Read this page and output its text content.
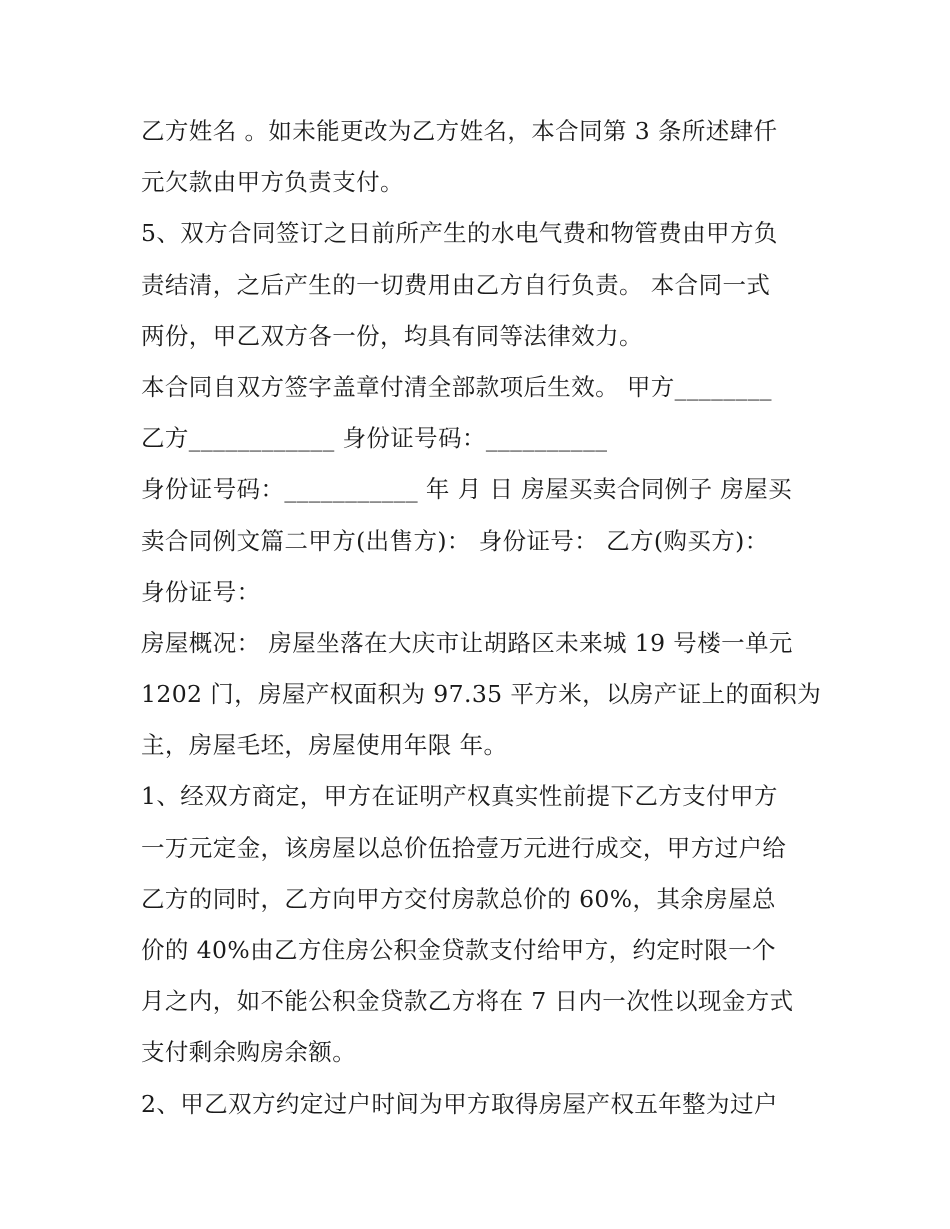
乙方姓名 。如未能更改为乙方姓名，本合同第 3 条所述肆仟
元欠款由甲方负责支付。
5、双方合同签订之日前所产生的水电气费和物管费由甲方负
责结清，之后产生的一切费用由乙方自行负责。 本合同一式
两份，甲乙双方各一份，均具有同等法律效力。
本合同自双方签字盖章付清全部款项后生效。 甲方________
乙方____________ 身份证号码：__________
身份证号码：___________ 年 月 日 房屋买卖合同例子 房屋买
卖合同例文篇二甲方(出售方)： 身份证号： 乙方(购买方)：
身份证号：
房屋概况： 房屋坐落在大庆市让胡路区未来城 19 号楼一单元
1202 门，房屋产权面积为 97.35 平方米，以房产证上的面积为
主，房屋毛坯，房屋使用年限 年。
1、经双方商定，甲方在证明产权真实性前提下乙方支付甲方
一万元定金，该房屋以总价伍拾壹万元进行成交，甲方过户给
乙方的同时，乙方向甲方交付房款总价的 60%，其余房屋总
价的 40%由乙方住房公积金贷款支付给甲方，约定时限一个
月之内，如不能公积金贷款乙方将在 7 日内一次性以现金方式
支付剩余购房余额。
2、甲乙双方约定过户时间为甲方取得房屋产权五年整为过户
